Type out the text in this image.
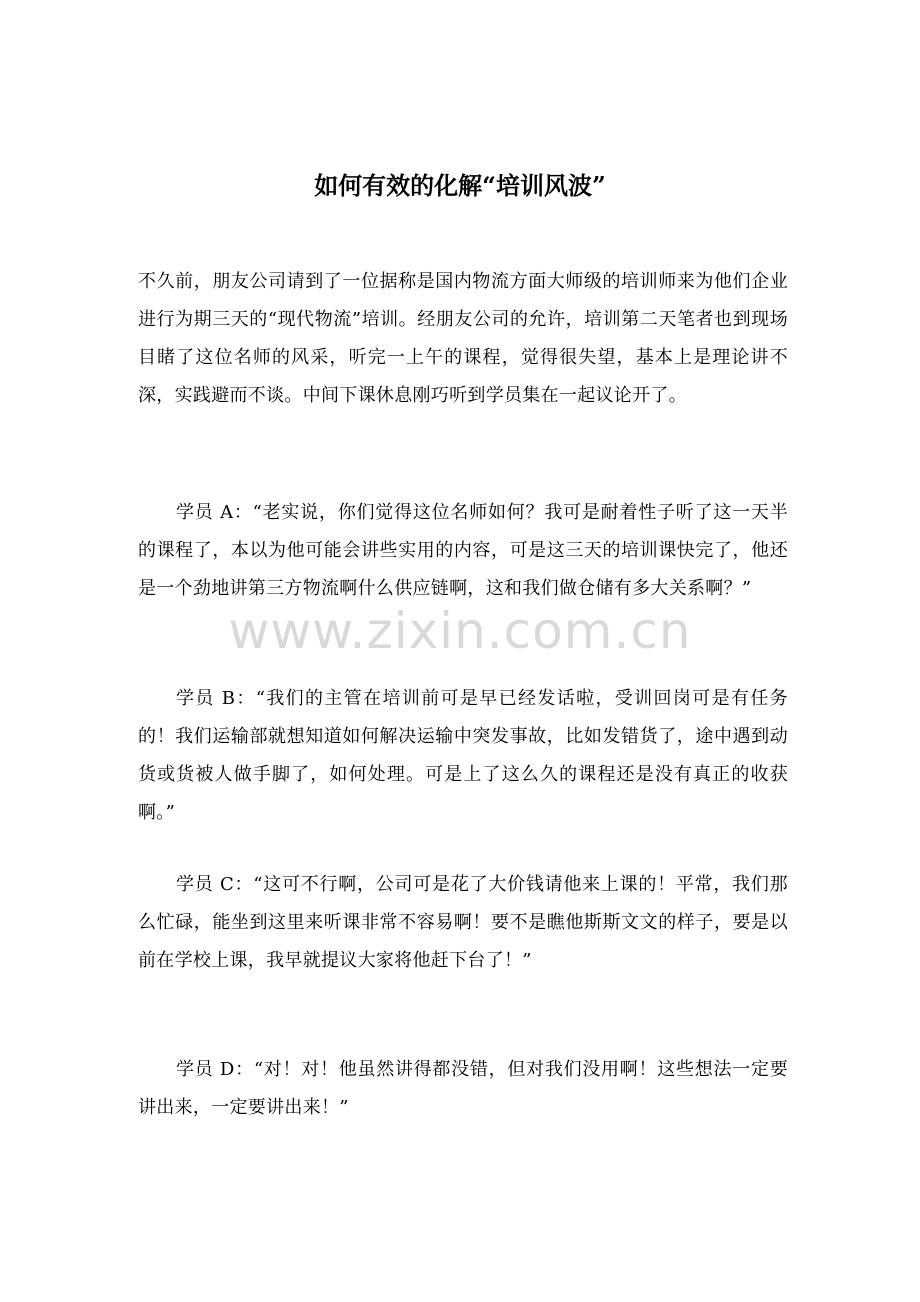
如何有效的化解“培训风波”

不久前，朋友公司请到了一位据称是国内物流方面大师级的培训师来为他们企业进行为期三天的“现代物流”培训。经朋友公司的允许，培训第二天笔者也到现场目睹了这位名师的风采，听完一上午的课程，觉得很失望，基本上是理论讲不深，实践避而不谈。中间下课休息刚巧听到学员集在一起议论开了。

学员 A：“老实说，你们觉得这位名师如何？我可是耐着性子听了这一天半的课程了，本以为他可能会讲些实用的内容，可是这三天的培训课快完了，他还是一个劲地讲第三方物流啊什么供应链啊，这和我们做仓储有多大关系啊？”

学员 B：“我们的主管在培训前可是早已经发话啦，受训回岗可是有任务的！我们运输部就想知道如何解决运输中突发事故，比如发错货了，途中遇到动货或货被人做手脚了，如何处理。可是上了这么久的课程还是没有真正的收获啊。”

学员 C：“这可不行啊，公司可是花了大价钱请他来上课的！平常，我们那么忙碌，能坐到这里来听课非常不容易啊！要不是瞧他斯斯文文的样子，要是以前在学校上课，我早就提议大家将他赶下台了！”

学员 D：“对！对！他虽然讲得都没错，但对我们没用啊！这些想法一定要讲出来，一定要讲出来！”

www.zixin.com.cn
